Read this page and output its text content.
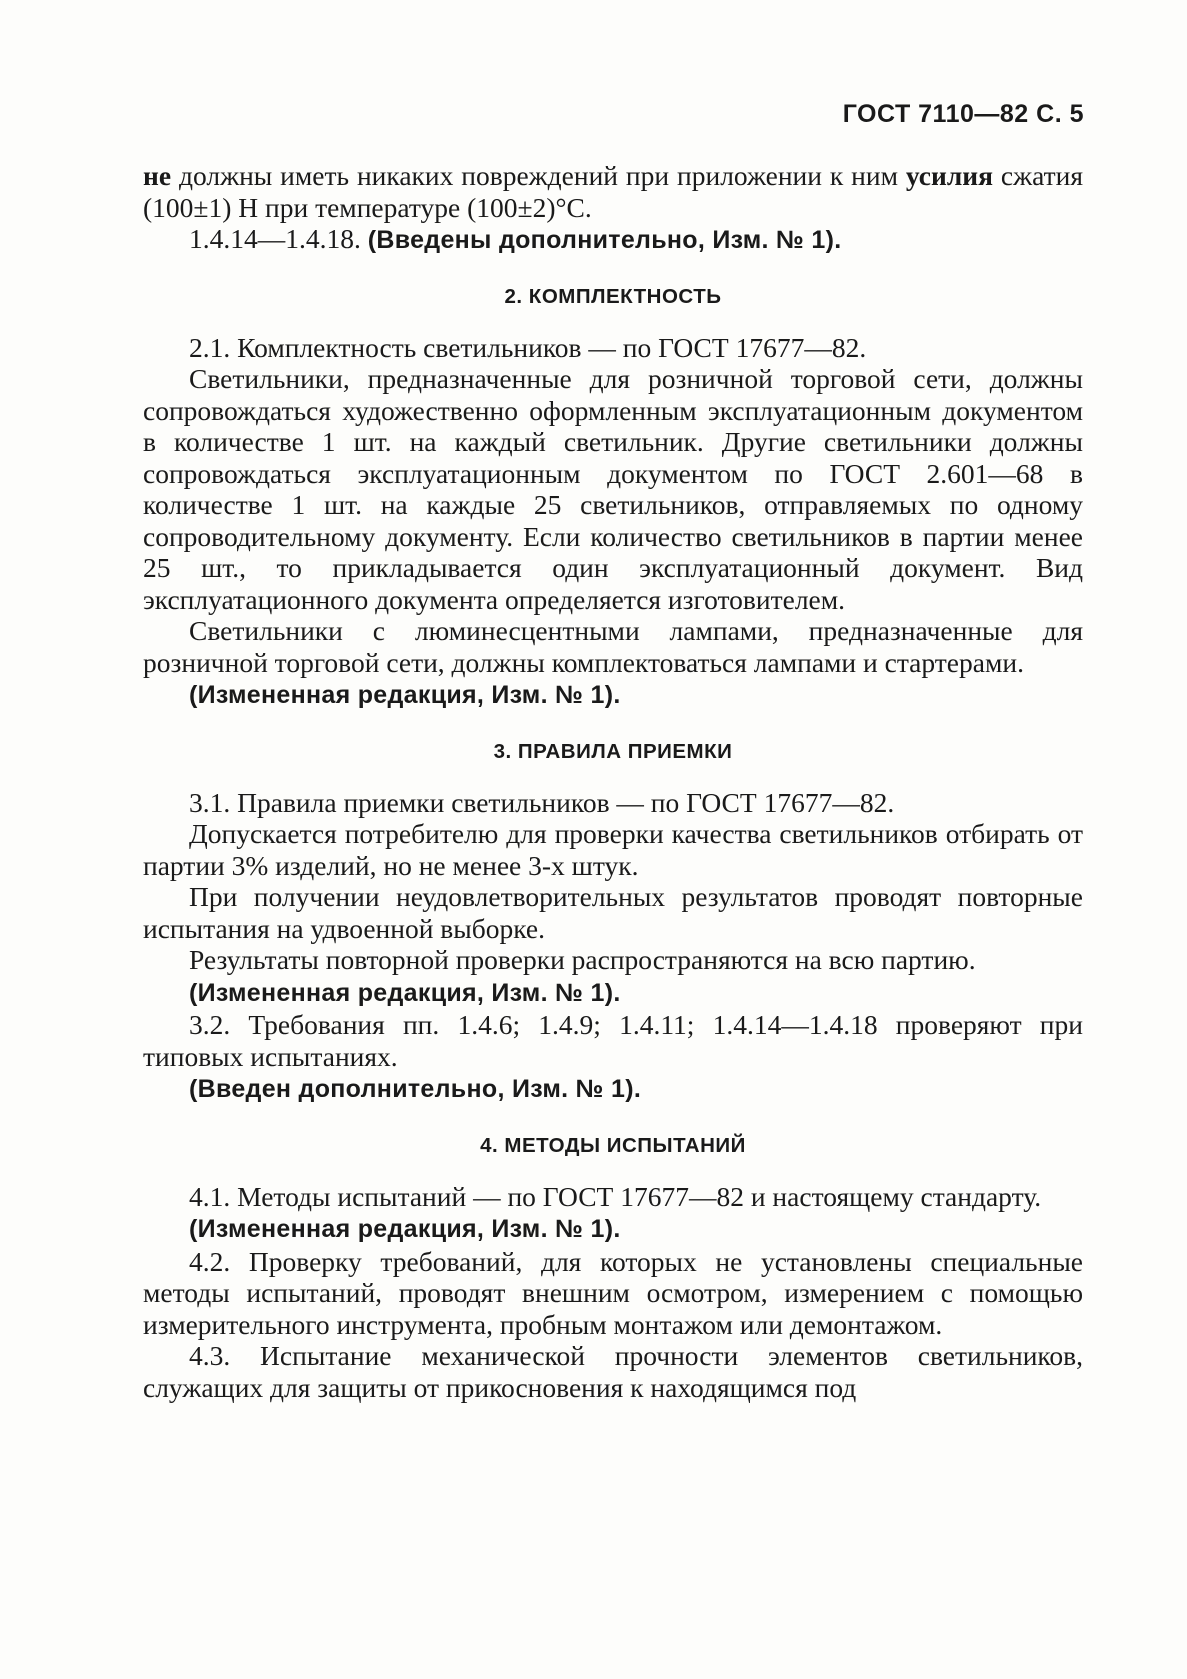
ГОСТ 7110—82 С. 5

не должны иметь никаких повреждений при приложении к ним усилия сжатия (100±1) Н при температуре (100±2)°С.

1.4.14—1.4.18. (Введены дополнительно, Изм. № 1).

2. КОМПЛЕКТНОСТЬ

2.1. Комплектность светильников — по ГОСТ 17677—82.

Светильники, предназначенные для розничной торговой сети, должны сопровождаться художественно оформленным эксплуатационным документом в количестве 1 шт. на каждый светильник. Другие светильники должны сопровождаться эксплуатационным документом по ГОСТ 2.601—68 в количестве 1 шт. на каждые 25 светильников, отправляемых по одному сопроводительному документу. Если количество светильников в партии менее 25 шт., то прикладывается один эксплуатационный документ. Вид эксплуатационного документа определяется изготовителем.

Светильники с люминесцентными лампами, предназначенные для розничной торговой сети, должны комплектоваться лампами и стартерами.

(Измененная редакция, Изм. № 1).

3. ПРАВИЛА ПРИЕМКИ

3.1. Правила приемки светильников — по ГОСТ 17677—82.

Допускается потребителю для проверки качества светильников отбирать от партии 3% изделий, но не менее 3-х штук.

При получении неудовлетворительных результатов проводят повторные испытания на удвоенной выборке.

Результаты повторной проверки распространяются на всю партию.

(Измененная редакция, Изм. № 1).

3.2. Требования пп. 1.4.6; 1.4.9; 1.4.11; 1.4.14—1.4.18 проверяют при типовых испытаниях.

(Введен дополнительно, Изм. № 1).

4. МЕТОДЫ ИСПЫТАНИЙ

4.1. Методы испытаний — по ГОСТ 17677—82 и настоящему стандарту.

(Измененная редакция, Изм. № 1).

4.2. Проверку требований, для которых не установлены специальные методы испытаний, проводят внешним осмотром, измерением с помощью измерительного инструмента, пробным монтажом или демонтажом.

4.3. Испытание механической прочности элементов светильников, служащих для защиты от прикосновения к находящимся под
